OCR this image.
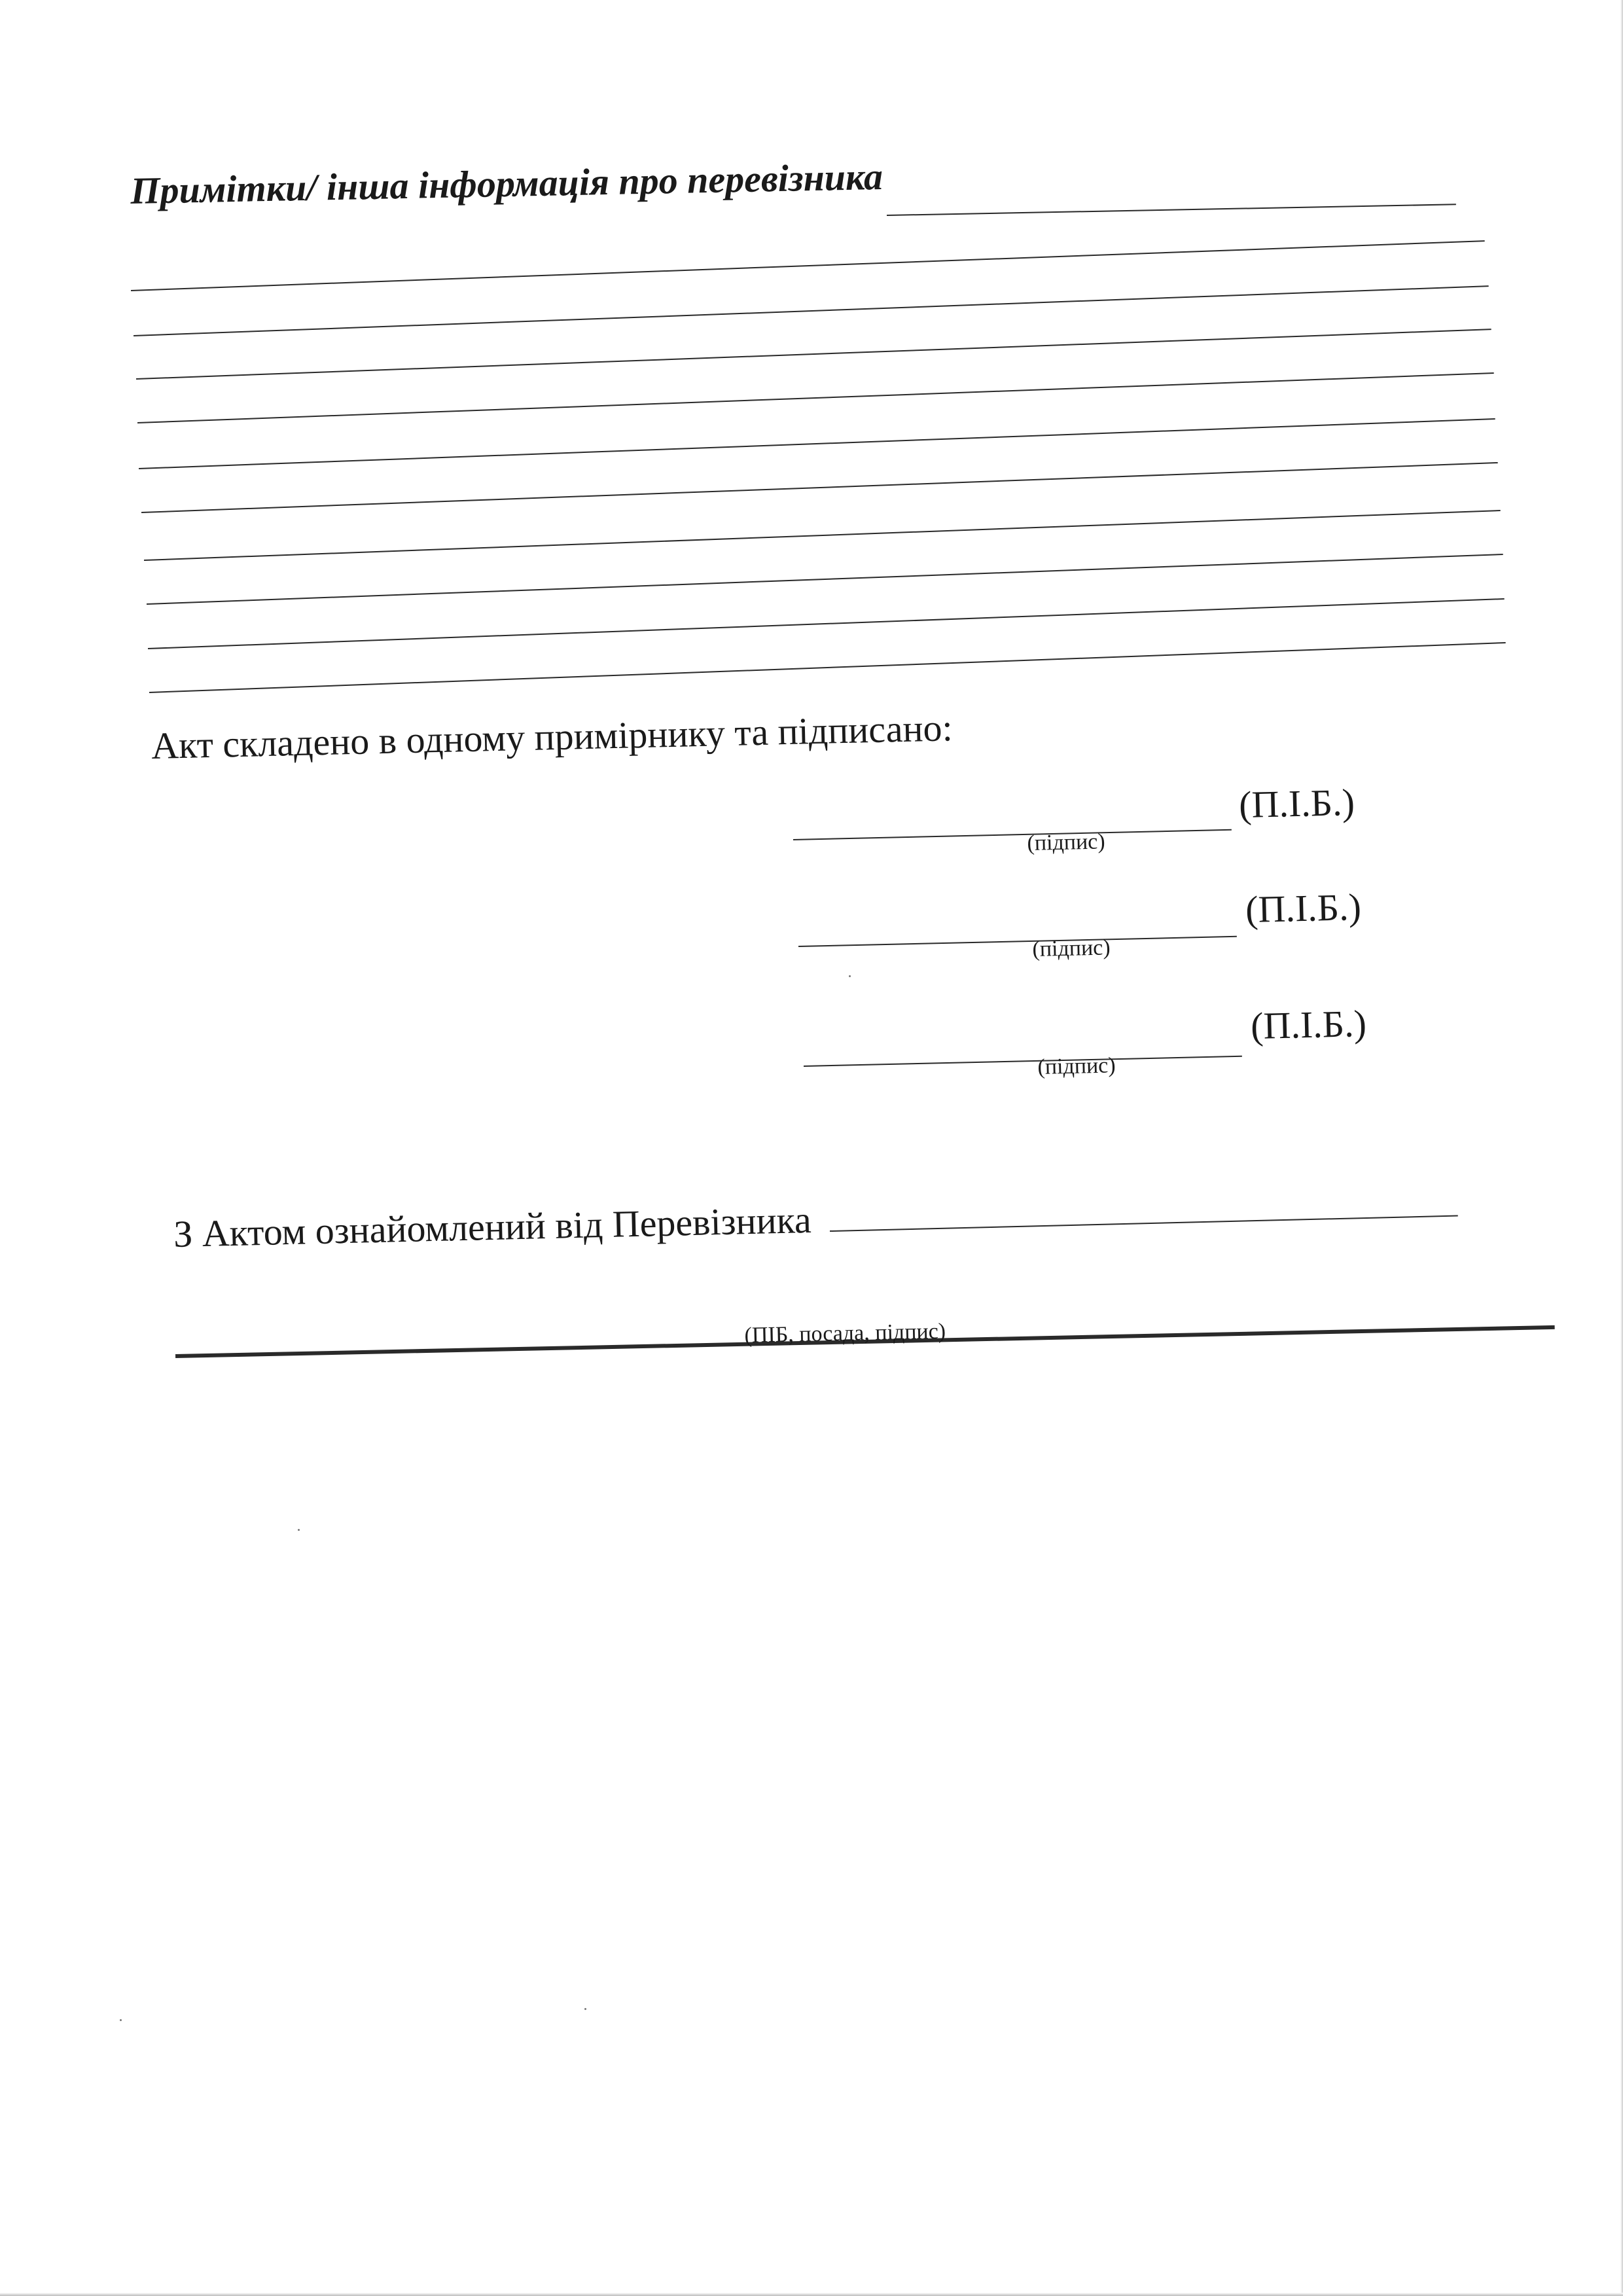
Примітки/ інша інформація про перевізника
Акт складено в одному примірнику та підписано:
(П.І.Б.)
(підпис)
(П.І.Б.)
(підпис)
(П.І.Б.)
(підпис)
З Актом ознайомлений від Перевізника
(ПІБ, посада, підпис)
